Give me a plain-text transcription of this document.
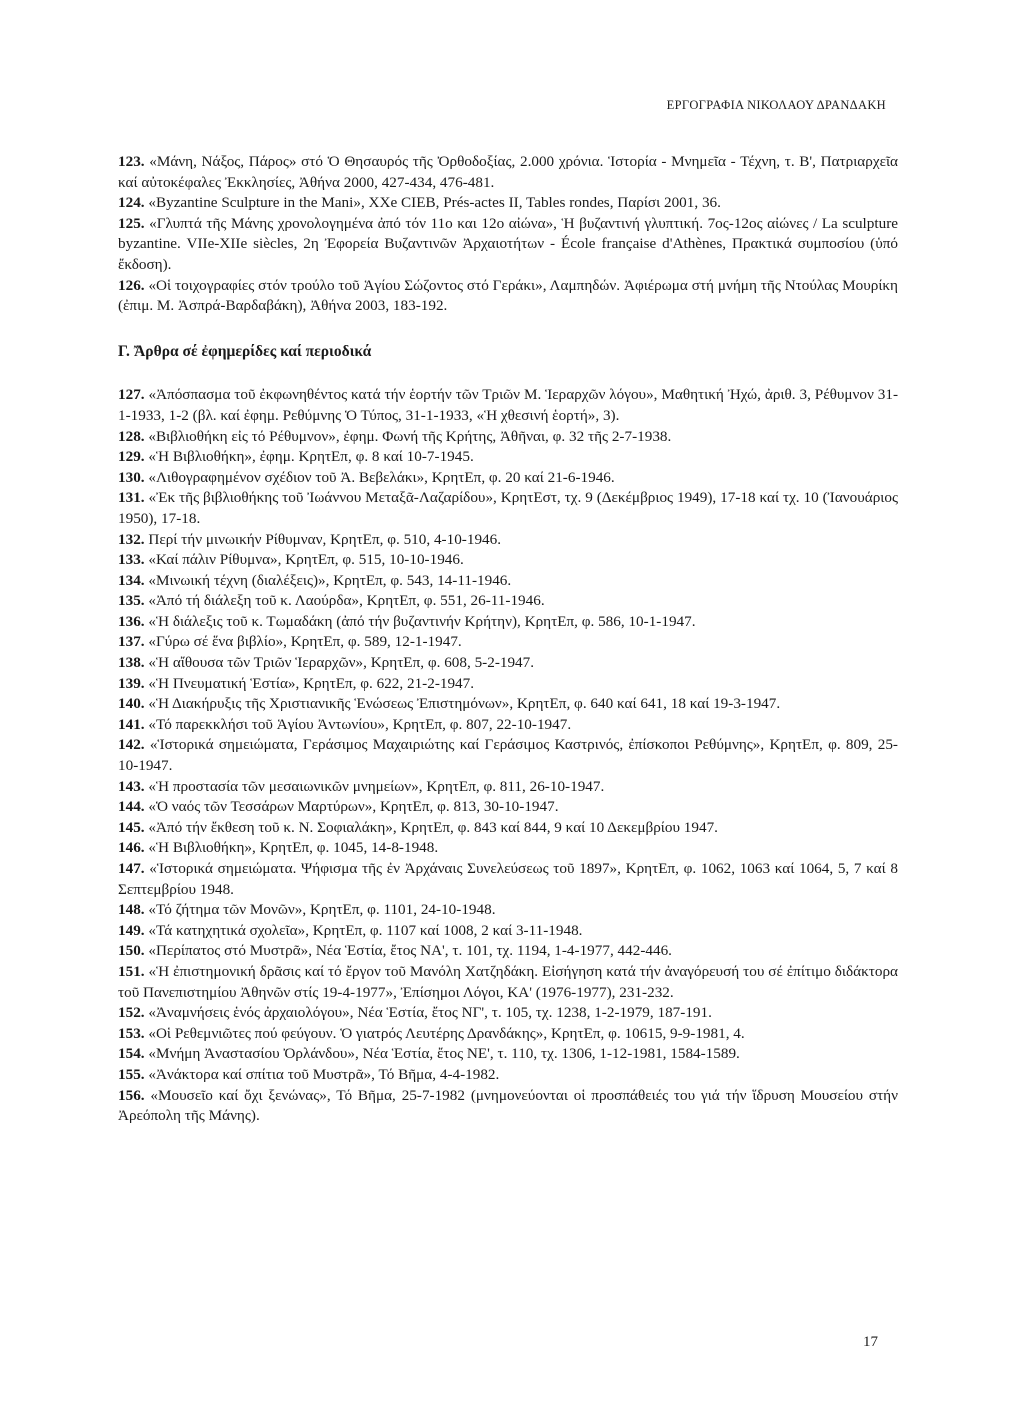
ΕΡΓΟΓΡΑΦΙΑ ΝΙΚΟΛΑΟΥ ΔΡΑΝΔΑΚΗ
123. «Μάνη, Νάξος, Πάρος» στό Ὁ Θησαυρός τῆς Ὀρθοδοξίας, 2.000 χρόνια. Ἱστορία - Μνημεῖα - Τέχνη, τ. Β', Πατριαρχεῖα καί αὐτοκέφαλες Ἐκκλησίες, Ἀθήνα 2000, 427-434, 476-481.
124. «Byzantine Sculpture in the Mani», XXe CIEB, Prés-actes II, Tables rondes, Παρίσι 2001, 36.
125. «Γλυπτά τῆς Μάνης χρονολογημένα ἀπό τόν 11ο και 12ο αἰώνα», Ἡ βυζαντινή γλυπτική. 7ος-12ος αἰώνες / La sculpture byzantine. VIIe-XIIe siècles, 2η Ἐφορεία Βυζαντινῶν Ἀρχαιοτήτων - École française d'Athènes, Πρακτικά συμποσίου (ὑπό ἔκδοση).
126. «Οἱ τοιχογραφίες στόν τρούλο τοῦ Ἁγίου Σώζοντος στό Γεράκι», Λαμπηδών. Ἀφιέρωμα στή μνήμη τῆς Ντούλας Μουρίκη (ἐπιμ. Μ. Ἀσπρά-Βαρδαβάκη), Ἀθήνα 2003, 183-192.
Γ. Ἄρθρα σέ ἐφημερίδες καί περιοδικά
127. «Ἀπόσπασμα τοῦ ἐκφωνηθέντος κατά τήν ἑορτήν τῶν Τριῶν Μ. Ἱεραρχῶν λόγου», Μαθητική Ἠχώ, ἀριθ. 3, Ρέθυμνον 31-1-1933, 1-2 (βλ. καί ἐφημ. Ρεθύμνης Ὁ Τύπος, 31-1-1933, «Ἡ χθεσινή ἑορτή», 3).
128. «Βιβλιοθήκη εἰς τό Ρέθυμνον», ἐφημ. Φωνή τῆς Κρήτης, Ἀθῆναι, φ. 32 τῆς 2-7-1938.
129. «Ἡ Βιβλιοθήκη», ἐφημ. ΚρητΕπ, φ. 8 καί 10-7-1945.
130. «Λιθογραφημένον σχέδιον τοῦ Ἀ. Βεβελάκι», ΚρητΕπ, φ. 20 καί 21-6-1946.
131. «Ἐκ τῆς βιβλιοθήκης τοῦ Ἰωάννου Μεταξᾶ-Λαζαρίδου», ΚρητΕστ, τχ. 9 (Δεκέμβριος 1949), 17-18 καί τχ. 10 (Ἰανουάριος 1950), 17-18.
132. Περί τήν μινωικήν Ρίθυμναν, ΚρητΕπ, φ. 510, 4-10-1946.
133. «Καί πάλιν Ρίθυμνα», ΚρητΕπ, φ. 515, 10-10-1946.
134. «Μινωική τέχνη (διαλέξεις)», ΚρητΕπ, φ. 543, 14-11-1946.
135. «Ἀπό τή διάλεξη τοῦ κ. Λαούρδα», ΚρητΕπ, φ. 551, 26-11-1946.
136. «Ἡ διάλεξις τοῦ κ. Τωμαδάκη (ἀπό τήν βυζαντινήν Κρήτην), ΚρητΕπ, φ. 586, 10-1-1947.
137. «Γύρω σέ ἕνα βιβλίο», ΚρητΕπ, φ. 589, 12-1-1947.
138. «Ἡ αἴθουσα τῶν Τριῶν Ἱεραρχῶν», ΚρητΕπ, φ. 608, 5-2-1947.
139. «Ἡ Πνευματική Ἑστία», ΚρητΕπ, φ. 622, 21-2-1947.
140. «Ἡ Διακήρυξις τῆς Χριστιανικῆς Ἑνώσεως Ἐπιστημόνων», ΚρητΕπ, φ. 640 καί 641, 18 καί 19-3-1947.
141. «Τό παρεκκλήσι τοῦ Ἁγίου Ἀντωνίου», ΚρητΕπ, φ. 807, 22-10-1947.
142. «Ἱστορικά σημειώματα, Γεράσιμος Μαχαιριώτης καί Γεράσιμος Καστρινός, ἐπίσκοποι Ρεθύμνης», ΚρητΕπ, φ. 809, 25-10-1947.
143. «Ἡ προστασία τῶν μεσαιωνικῶν μνημείων», ΚρητΕπ, φ. 811, 26-10-1947.
144. «Ὁ ναός τῶν Τεσσάρων Μαρτύρων», ΚρητΕπ, φ. 813, 30-10-1947.
145. «Ἀπό τήν ἔκθεση τοῦ κ. Ν. Σοφιαλάκη», ΚρητΕπ, φ. 843 καί 844, 9 καί 10 Δεκεμβρίου 1947.
146. «Ἡ Βιβλιοθήκη», ΚρητΕπ, φ. 1045, 14-8-1948.
147. «Ἱστορικά σημειώματα. Ψήφισμα τῆς ἐν Ἀρχάναις Συνελεύσεως τοῦ 1897», ΚρητΕπ, φ. 1062, 1063 καί 1064, 5, 7 καί 8 Σεπτεμβρίου 1948.
148. «Τό ζήτημα τῶν Μονῶν», ΚρητΕπ, φ. 1101, 24-10-1948.
149. «Τά κατηχητικά σχολεῖα», ΚρητΕπ, φ. 1107 καί 1008, 2 καί 3-11-1948.
150. «Περίπατος στό Μυστρᾶ», Νέα Ἑστία, ἔτος ΝΑ', τ. 101, τχ. 1194, 1-4-1977, 442-446.
151. «Ἡ ἐπιστημονική δρᾶσις καί τό ἔργον τοῦ Μανόλη Χατζηδάκη. Εἰσήγηση κατά τήν ἀναγόρευσή του σέ ἐπίτιμο διδάκτορα τοῦ Πανεπιστημίου Ἀθηνῶν στίς 19-4-1977», Ἐπίσημοι Λόγοι, ΚΑ' (1976-1977), 231-232.
152. «Ἀναμνήσεις ἑνός ἀρχαιολόγου», Νέα Ἑστία, ἔτος ΝΓ', τ. 105, τχ. 1238, 1-2-1979, 187-191.
153. «Οἱ Ρεθεμνιῶτες πού φεύγουν. Ὁ γιατρός Λευτέρης Δρανδάκης», ΚρητΕπ, φ. 10615, 9-9-1981, 4.
154. «Μνήμη Ἀναστασίου Ὀρλάνδου», Νέα Ἑστία, ἔτος ΝΕ', τ. 110, τχ. 1306, 1-12-1981, 1584-1589.
155. «Ἀνάκτορα καί σπίτια τοῦ Μυστρᾶ», Τό Βῆμα, 4-4-1982.
156. «Μουσεῖο καί ὄχι ξενώνας», Τό Βῆμα, 25-7-1982 (μνημονεύονται οἱ προσπάθειές του γιά τήν ἵδρυση Μουσείου στήν Ἀρεόπολη τῆς Μάνης).
17
